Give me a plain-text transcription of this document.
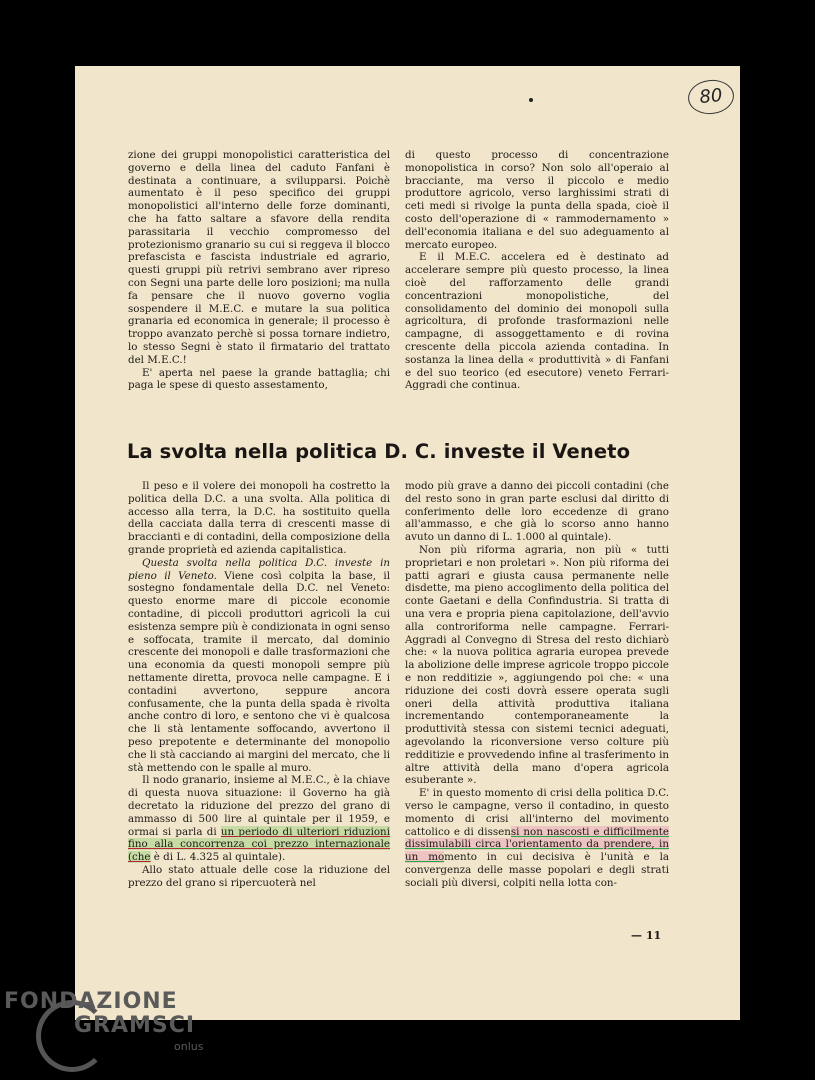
80

zione dei gruppi monopolistici caratteristica del governo e della linea del caduto Fanfani è destinata a continuare, a svilupparsi. Poichè aumentato è il peso specifico dei gruppi monopolistici all'interno delle forze dominanti, che ha fatto saltare a sfavore della rendita parassitaria il vecchio compromesso del protezionismo granario su cui si reggeva il blocco prefascista e fascista industriale ed agrario, questi gruppi più retrivi sembrano aver ripreso con Segni una parte delle loro posizioni; ma nulla fa pensare che il nuovo governo voglia sospendere il M.E.C. e mutare la sua politica granaria ed economica in generale; il processo è troppo avanzato perchè si possa tornare indietro, lo stesso Segni è stato il firmatario del trattato del M.E.C.!

E' aperta nel paese la grande battaglia; chi paga le spese di questo assestamento,

di questo processo di concentrazione monopolistica in corso? Non solo all'operaio al bracciante, ma verso il piccolo e medio produttore agricolo, verso larghissimi strati di ceti medi si rivolge la punta della spada, cioè il costo dell'operazione di « rammodernamento » dell'economia italiana e del suo adeguamento al mercato europeo.

E il M.E.C. accelera ed è destinato ad accelerare sempre più questo processo, la linea cioè del rafforzamento delle grandi concentrazioni monopolistiche, del consolidamento del dominio dei monopoli sulla agricoltura, di profonde trasformazioni nelle campagne, di assoggettamento e di rovina crescente della piccola azienda contadina. In sostanza la linea della « produttività » di Fanfani e del suo teorico (ed esecutore) veneto Ferrari-Aggradi che continua.

La svolta nella politica D. C. investe il Veneto

Il peso e il volere dei monopoli ha costretto la politica della D.C. a una svolta. Alla politica di accesso alla terra, la D.C. ha sostituito quella della cacciata dalla terra di crescenti masse di braccianti e di contadini, della composizione della grande proprietà ed azienda capitalistica.

Questa svolta nella politica D.C. investe in pieno il Veneto. Viene così colpita la base, il sostegno fondamentale della D.C. nel Veneto: questo enorme mare di piccole economie contadine, di piccoli produttori agricoli la cui esistenza sempre più è condizionata in ogni senso e soffocata, tramite il mercato, dal dominio crescente dei monopoli e dalle trasformazioni che una economia da questi monopoli sempre più nettamente diretta, provoca nelle campagne. E i contadini avvertono, seppure ancora confusamente, che la punta della spada è rivolta anche contro di loro, e sentono che vi è qualcosa che li stà lentamente soffocando, avvertono il peso prepotente e determinante del monopolio che li stà cacciando ai margini del mercato, che li stà mettendo con le spalle al muro.

Il nodo granario, insieme al M.E.C., è la chiave di questa nuova situazione: il Governo ha già decretato la riduzione del prezzo del grano di ammasso di 500 lire al quintale per il 1959, e ormai si parla di un periodo di ulteriori riduzioni fino alla concorrenza coi prezzo internazionale (che è di L. 4.325 al quintale).

Allo stato attuale delle cose la riduzione del prezzo del grano si ripercuoterà nel

modo più grave a danno dei piccoli contadini (che del resto sono in gran parte esclusi dal diritto di conferimento delle loro eccedenze di grano all'ammasso, e che già lo scorso anno hanno avuto un danno di L. 1.000 al quintale).

Non più riforma agraria, non più « tutti proprietari e non proletari ». Non più riforma dei patti agrari e giusta causa permanente nelle disdette, ma pieno accoglimento della politica del conte Gaetani e della Confindustria. Si tratta di una vera e propria piena capitolazione, dell'avvio alla controriforma nelle campagne. Ferrari-Aggradi al Convegno di Stresa del resto dichiarò che: « la nuova politica agraria europea prevede la abolizione delle imprese agricole troppo piccole e non redditizie », aggiungendo poi che: « una riduzione dei costi dovrà essere operata sugli oneri della attività produttiva italiana incrementando contemporaneamente la produttività stessa con sistemi tecnici adeguati, agevolando la riconversione verso colture più redditizie e provvedendo infine al trasferimento in altre attività della mano d'opera agricola esuberante ».

E' in questo momento di crisi della politica D.C. verso le campagne, verso il contadino, in questo momento di crisi all'interno del movimento cattolico e di dissensi non nascosti e difficilmente dissimulabili circa l'orientamento da prendere, in un momento in cui decisiva è l'unità e la convergenza delle masse popolari e degli strati sociali più diversi, colpiti nella lotta con-

— 11
FONDAZIONE
GRAMSCI
onlus
